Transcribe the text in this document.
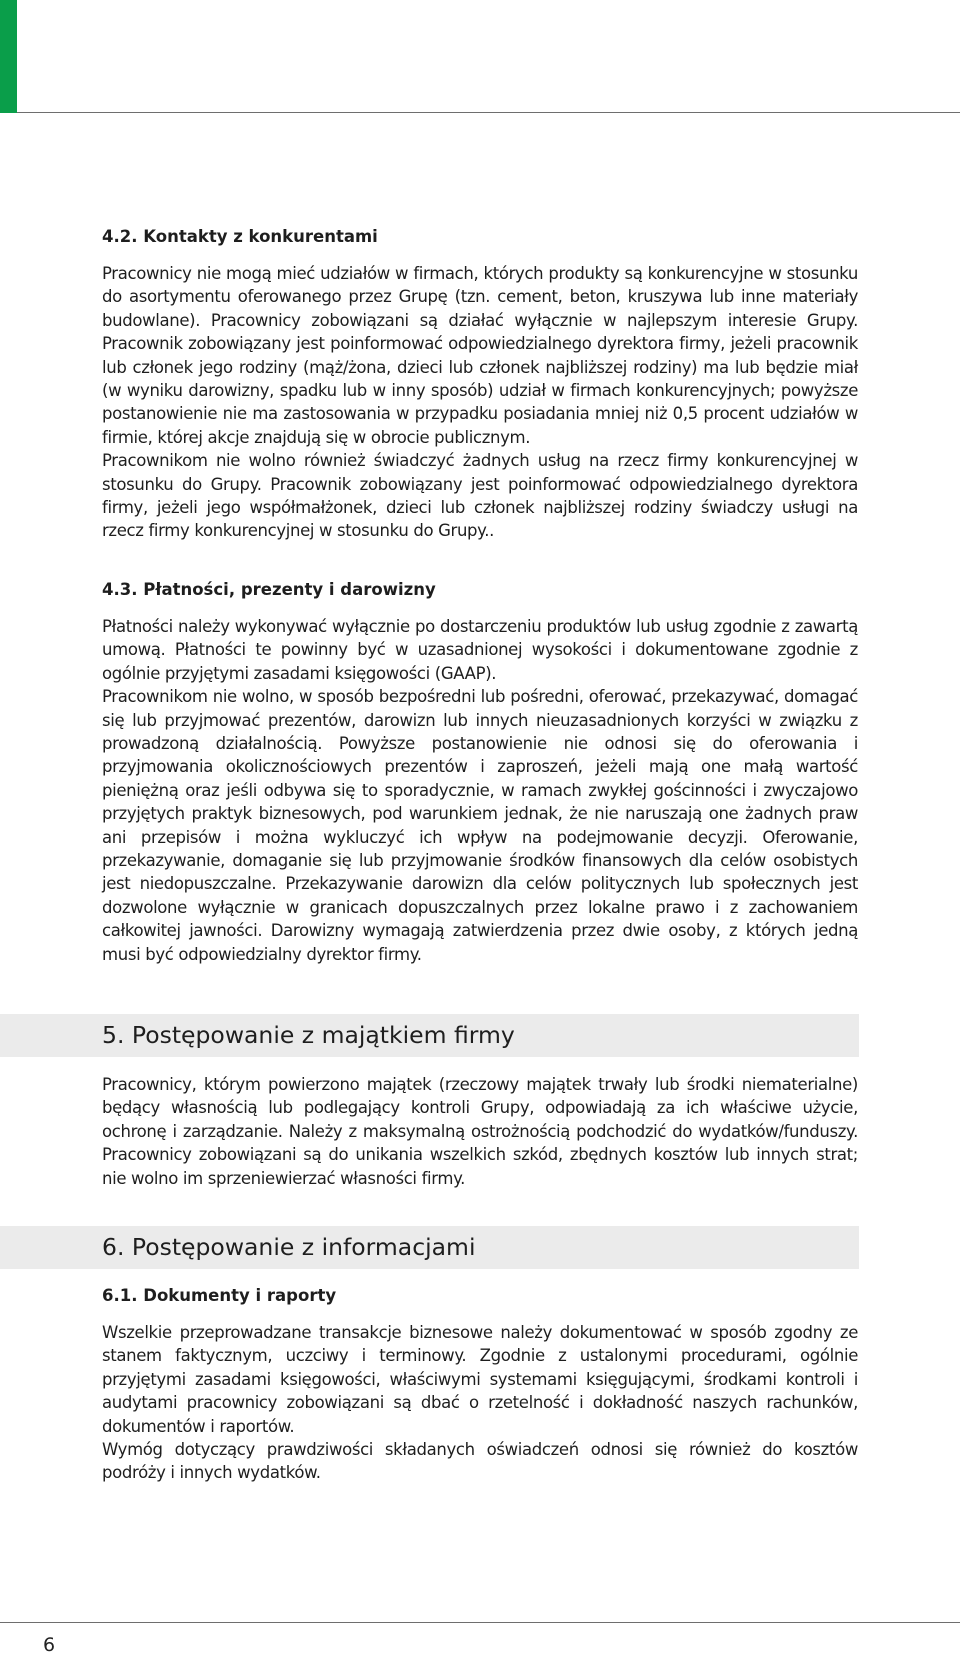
4.2. Kontakty z konkurentami

Pracownicy nie mogą mieć udziałów w firmach, których produkty są konkurencyjne w stosunku do asortymentu oferowanego przez Grupę (tzn. cement, beton, kruszywa lub inne materiały budowlane). Pracownicy zobowiązani są działać wyłącznie w najlepszym interesie Grupy. Pracownik zobowiązany jest poinformować odpowiedzialnego dyrektora firmy, jeżeli pracownik lub członek jego rodziny (mąż/żona, dzieci lub członek najbliższej rodziny) ma lub będzie miał (w wyniku darowizny, spadku lub w inny sposób) udział w firmach konkurencyjnych; powyższe postanowienie nie ma zastosowania w przypadku posiadania mniej niż 0,5 procent udziałów w firmie, której akcje znajdują się w obrocie publicznym.

Pracownikom nie wolno również świadczyć żadnych usług na rzecz firmy konkurencyjnej w stosunku do Grupy. Pracownik zobowiązany jest poinformować odpowiedzialnego dyrektora firmy, jeżeli jego współmałżonek, dzieci lub członek najbliższej rodziny świadczy usługi na rzecz firmy konkurencyjnej w stosunku do Grupy..

4.3. Płatności, prezenty i darowizny

Płatności należy wykonywać wyłącznie po dostarczeniu produktów lub usług zgodnie z zawartą umową. Płatności te powinny być w uzasadnionej wysokości i dokumentowane zgodnie z ogólnie przyjętymi zasadami księgowości (GAAP).

Pracownikom nie wolno, w sposób bezpośredni lub pośredni, oferować, przekazywać, domagać się lub przyjmować prezentów, darowizn lub innych nieuzasadnionych korzyści w związku z prowadzoną działalnością. Powyższe postanowienie nie odnosi się do oferowania i przyjmowania okolicznościowych prezentów i zaproszeń, jeżeli mają one małą wartość pieniężną oraz jeśli odbywa się to sporadycznie, w ramach zwykłej gościnności i zwyczajowo przyjętych praktyk biznesowych, pod warunkiem jednak, że nie naruszają one żadnych praw ani przepisów i można wykluczyć ich wpływ na podejmowanie decyzji. Oferowanie, przekazywanie, domaganie się lub przyjmowanie środków finansowych dla celów osobistych jest niedopuszczalne. Przekazywanie darowizn dla celów politycznych lub społecznych jest dozwolone wyłącznie w granicach dopuszczalnych przez lokalne prawo i z zachowaniem całkowitej jawności. Darowizny wymagają zatwierdzenia przez dwie osoby, z których jedną musi być odpowiedzialny dyrektor firmy.

5. Postępowanie z majątkiem firmy

Pracownicy, którym powierzono majątek (rzeczowy majątek trwały lub środki niematerialne) będący własnością lub podlegający kontroli Grupy, odpowiadają za ich właściwe użycie, ochronę i zarządzanie. Należy z maksymalną ostrożnością podchodzić do wydatków/funduszy. Pracownicy zobowiązani są do unikania wszelkich szkód, zbędnych kosztów lub innych strat; nie wolno im sprzeniewierzać własności firmy.

6. Postępowanie z informacjami
6.1. Dokumenty i raporty

Wszelkie przeprowadzane transakcje biznesowe należy dokumentować w sposób zgodny ze stanem faktycznym, uczciwy i terminowy. Zgodnie z ustalonymi procedurami, ogólnie przyjętymi zasadami księgowości, właściwymi systemami księgującymi, środkami kontroli i audytami pracownicy zobowiązani są dbać o rzetelność i dokładność naszych rachunków, dokumentów i raportów.

Wymóg dotyczący prawdziwości składanych oświadczeń odnosi się również do kosztów podróży i innych wydatków.

6
